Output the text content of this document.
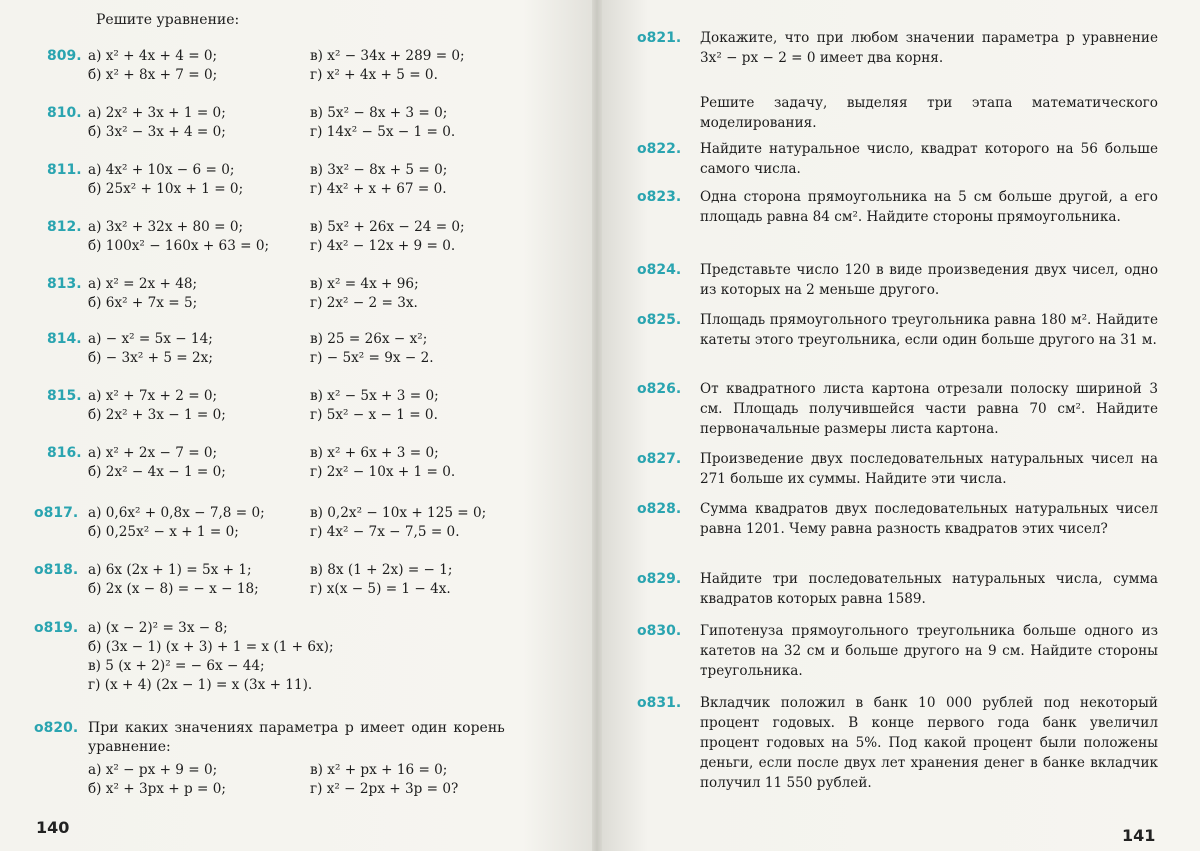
Решите уравнение:
809. а) x² + 4x + 4 = 0;	в) x² − 34x + 289 = 0;
б) x² + 8x + 7 = 0;	г) x² + 4x + 5 = 0.
810. а) 2x² + 3x + 1 = 0;	в) 5x² − 8x + 3 = 0;
б) 3x² − 3x + 4 = 0;	г) 14x² − 5x − 1 = 0.
811. а) 4x² + 10x − 6 = 0;	в) 3x² − 8x + 5 = 0;
б) 25x² + 10x + 1 = 0;	г) 4x² + x + 67 = 0.
812. а) 3x² + 32x + 80 = 0;	в) 5x² + 26x − 24 = 0;
б) 100x² − 160x + 63 = 0;	г) 4x² − 12x + 9 = 0.
813. а) x² = 2x + 48;	в) x² = 4x + 96;
б) 6x² + 7x = 5;	г) 2x² − 2 = 3x.
814. а) − x² = 5x − 14;	в) 25 = 26x − x²;
б) − 3x² + 5 = 2x;	г) − 5x² = 9x − 2.
815. а) x² + 7x + 2 = 0;	в) x² − 5x + 3 = 0;
б) 2x² + 3x − 1 = 0;	г) 5x² − x − 1 = 0.
816. а) x² + 2x − 7 = 0;	в) x² + 6x + 3 = 0;
б) 2x² − 4x − 1 = 0;	г) 2x² − 10x + 1 = 0.
o817. а) 0,6x² + 0,8x − 7,8 = 0;	в) 0,2x² − 10x + 125 = 0;
б) 0,25x² − x + 1 = 0;	г) 4x² − 7x − 7,5 = 0.
o818. а) 6x (2x + 1) = 5x + 1;	в) 8x (1 + 2x) = − 1;
б) 2x (x − 8) = − x − 18;	г) x(x − 5) = 1 − 4x.
o819. а) (x − 2)² = 3x − 8;
б) (3x − 1) (x + 3) + 1 = x (1 + 6x);
в) 5 (x + 2)² = − 6x − 44;
г) (x + 4) (2x − 1) = x (3x + 11).
o820. При каких значениях параметра p имеет один корень
уравнение:
а) x² − px + 9 = 0;	в) x² + px + 16 = 0;
б) x² + 3px + p = 0;	г) x² − 2px + 3p = 0?
140
o821. Докажите, что при любом значении параметра p уравнение 3x² − px − 2 = 0 имеет два корня.
o822. Найдите натуральное число, квадрат которого на 56 больше самого числа.
o823. Одна сторона прямоугольника на 5 см больше другой, а его площадь равна 84 см². Найдите стороны прямоугольника.
o824. Представьте число 120 в виде произведения двух чисел, одно из которых на 2 меньше другого.
o825. Площадь прямоугольного треугольника равна 180 м². Найдите катеты этого треугольника, если один больше другого на 31 м.
o826. От квадратного листа картона отрезали полоску шириной 3 см. Площадь получившейся части равна 70 см². Найдите первоначальные размеры листа картона.
o827. Произведение двух последовательных натуральных чисел на 271 больше их суммы. Найдите эти числа.
o828. Сумма квадратов двух последовательных натуральных чисел равна 1201. Чему равна разность квадратов этих чисел?
o829. Найдите три последовательных натуральных числа, сумма квадратов которых равна 1589.
o830. Гипотенуза прямоугольного треугольника больше одного из катетов на 32 см и больше другого на 9 см. Найдите стороны треугольника.
o831. Вкладчик положил в банк 10 000 рублей под некоторый процент годовых. В конце первого года банк увеличил процент годовых на 5%. Под какой процент были положены деньги, если после двух лет хранения денег в банке вкладчик получил 11 550 рублей.
Решите задачу, выделяя три этапа математического моделирования.
141
